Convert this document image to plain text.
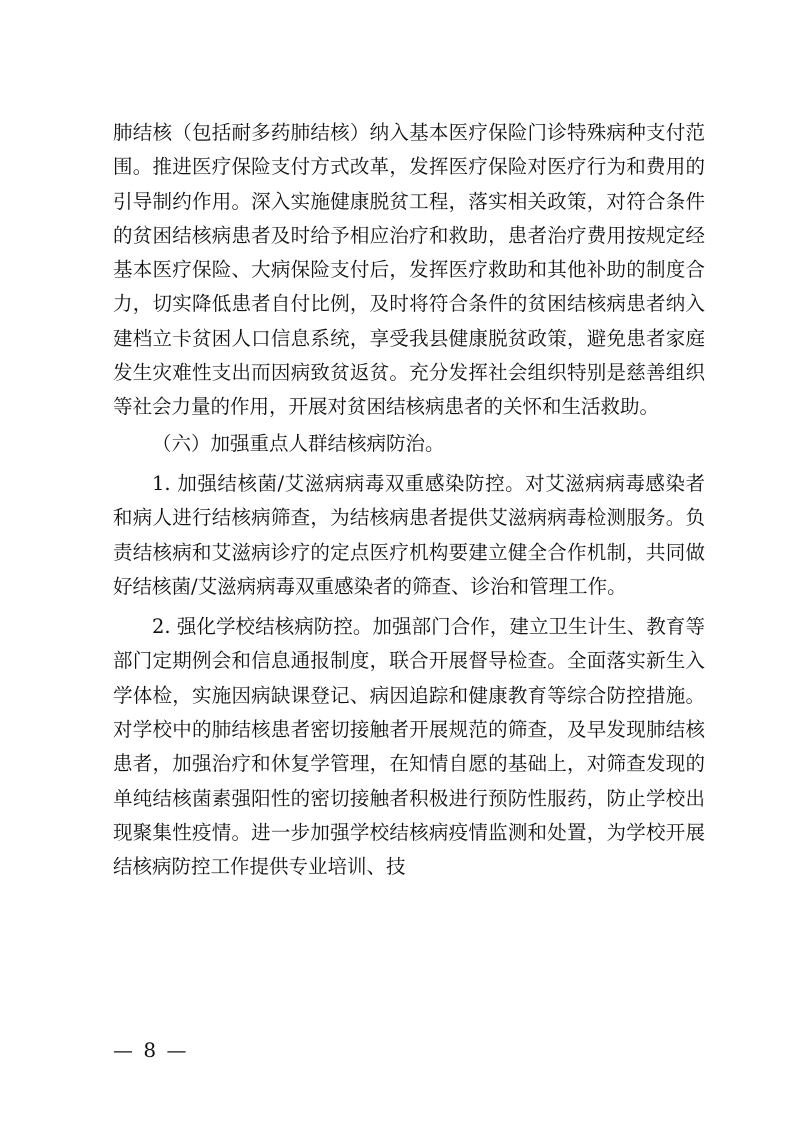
肺结核（包括耐多药肺结核）纳入基本医疗保险门诊特殊病种支付范围。推进医疗保险支付方式改革，发挥医疗保险对医疗行为和费用的引导制约作用。深入实施健康脱贫工程，落实相关政策，对符合条件的贫困结核病患者及时给予相应治疗和救助，患者治疗费用按规定经基本医疗保险、大病保险支付后，发挥医疗救助和其他补助的制度合力，切实降低患者自付比例，及时将符合条件的贫困结核病患者纳入建档立卡贫困人口信息系统，享受我县健康脱贫政策，避免患者家庭发生灾难性支出而因病致贫返贫。充分发挥社会组织特别是慈善组织等社会力量的作用，开展对贫困结核病患者的关怀和生活救助。

（六）加强重点人群结核病防治。

1. 加强结核菌/艾滋病病毒双重感染防控。对艾滋病病毒感染者和病人进行结核病筛查，为结核病患者提供艾滋病病毒检测服务。负责结核病和艾滋病诊疗的定点医疗机构要建立健全合作机制，共同做好结核菌/艾滋病病毒双重感染者的筛查、诊治和管理工作。

2. 强化学校结核病防控。加强部门合作，建立卫生计生、教育等部门定期例会和信息通报制度，联合开展督导检查。全面落实新生入学体检，实施因病缺课登记、病因追踪和健康教育等综合防控措施。对学校中的肺结核患者密切接触者开展规范的筛查，及早发现肺结核患者，加强治疗和休复学管理，在知情自愿的基础上，对筛查发现的单纯结核菌素强阳性的密切接触者积极进行预防性服药，防止学校出现聚集性疫情。进一步加强学校结核病疫情监测和处置，为学校开展结核病防控工作提供专业培训、技

— 8 —
